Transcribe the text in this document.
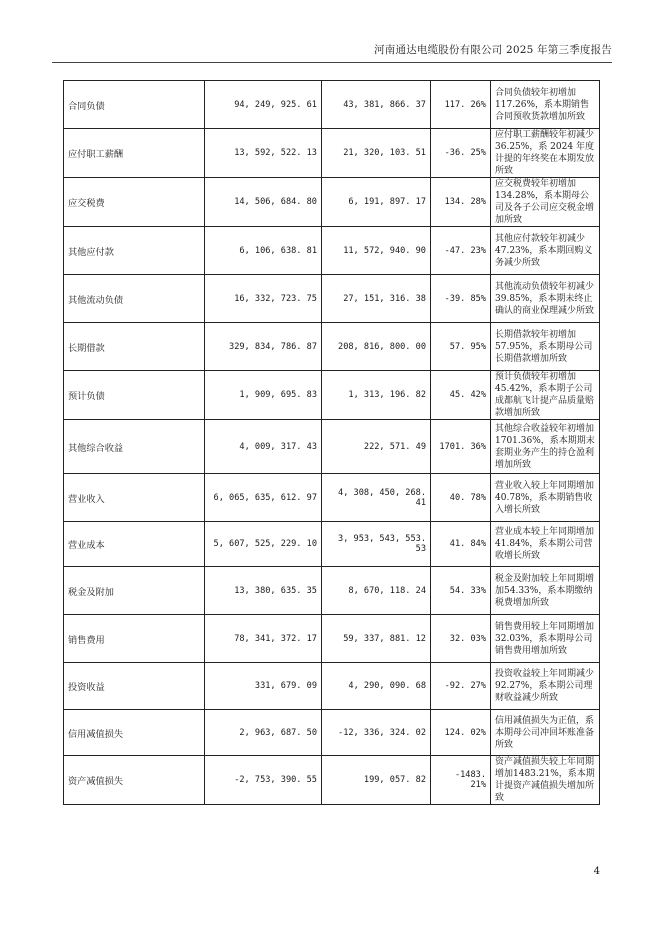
河南通达电缆股份有限公司 2025 年第三季度报告
合同负债	94, 249, 925. 61	43, 381, 866. 37	117. 26%	合同负债较年初增加117.26%，系本期销售合同预收货款增加所致
应付职工薪酬	13, 592, 522. 13	21, 320, 103. 51	-36. 25%	应付职工薪酬较年初减少36.25%，系 2024 年度计提的年终奖在本期发放所致
应交税费	14, 506, 684. 80	6, 191, 897. 17	134. 28%	应交税费较年初增加134.28%，系本期母公司及各子公司应交税金增加所致
其他应付款	6, 106, 638. 81	11, 572, 940. 90	-47. 23%	其他应付款较年初减少47.23%，系本期回购义务减少所致
其他流动负债	16, 332, 723. 75	27, 151, 316. 38	-39. 85%	其他流动负债较年初减少39.85%，系本期未终止确认的商业保理减少所致
长期借款	329, 834, 786. 87	208, 816, 800. 00	57. 95%	长期借款较年初增加57.95%，系本期母公司长期借款增加所致
预计负债	1, 909, 695. 83	1, 313, 196. 82	45. 42%	预计负债较年初增加45.42%，系本期子公司成都航飞计提产品质量赔款增加所致
其他综合收益	4, 009, 317. 43	222, 571. 49	1701. 36%	其他综合收益较年初增加1701.36%，系本期期末套期业务产生的持仓盈利增加所致
营业收入	6, 065, 635, 612. 97	4, 308, 450, 268. 41	40. 78%	营业收入较上年同期增加40.78%，系本期销售收入增长所致
营业成本	5, 607, 525, 229. 10	3, 953, 543, 553. 53	41. 84%	营业成本较上年同期增加41.84%，系本期公司营收增长所致
税金及附加	13, 380, 635. 35	8, 670, 118. 24	54. 33%	税金及附加较上年同期增加54.33%，系本期缴纳税费增加所致
销售费用	78, 341, 372. 17	59, 337, 881. 12	32. 03%	销售费用较上年同期增加32.03%，系本期母公司销售费用增加所致
投资收益	331, 679. 09	4, 290, 090. 68	-92. 27%	投资收益较上年同期减少92.27%，系本期公司理财收益减少所致
信用减值损失	2, 963, 687. 50	-12, 336, 324. 02	124. 02%	信用减值损失为正值，系本期母公司冲回坏账准备所致
资产减值损失	-2, 753, 390. 55	199, 057. 82	-1483. 21%	资产减值损失较上年同期增加1483.21%，系本期计提资产减值损失增加所致
4
